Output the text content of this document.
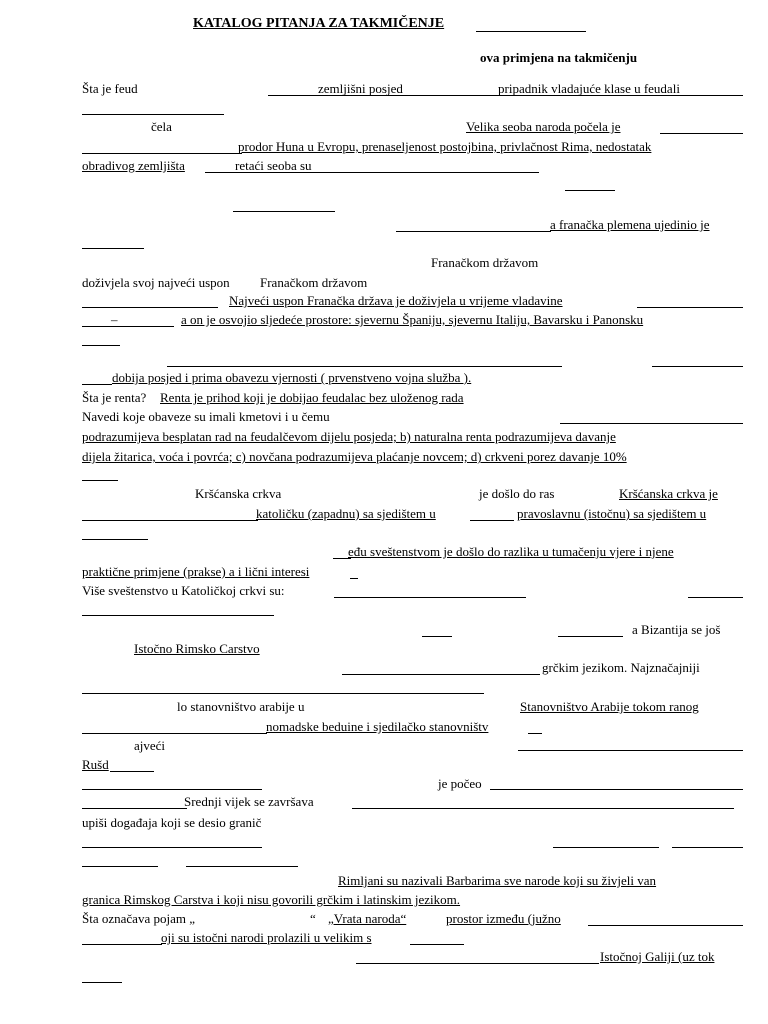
KATALOG PITANJA ZA TAKMIČENJE
ova primjena na takmičenju
Šta je feud	zemljišni posjed	pripadnik vladajuće klase u feudali
čela	Velika seoba naroda počela je
prodor Huna u Evropu, prenaseljenost postojbina, privlačnost Rima, nedostatak
obradivog zemljišta	retaći seoba su
a franačka plemena ujedinio je
Franačkom državom
doživjela svoj najveći uspon Franačkom državom
Najveći uspon Franačka država je doživjela u vrijeme vladavine
–	a on je osvojio sljedeće prostore: sjevernu Španiju, sjevernu Italiju, Bavarsku i Panonsku
dobija posjed i prima obavezu vjernosti ( prvenstveno vojna služba ).
Šta je renta? Renta je prihod koji je dobijao feudalac bez uloženog rada
Navedi koje obaveze su imali kmetovi i u čemu
podrazumijeva besplatan rad na feudalčevom dijelu posjeda; b) naturalna renta podrazumijeva davanje
dijela žitarica, voća i povrća; c) novčana podrazumijeva plaćanje novcem; d) crkveni porez davanje 10%
Kršćanska crkva	je došlo do ras	Kršćanska crkva je
katoličku (zapadnu) sa sjedištem u	pravoslavnu (istočnu) sa sjedištem u
eđu sveštenstvom je došlo do razlika u tumačenju vjere i njene
praktične primjene (prakse) a i lični interesi
Više sveštenstvo u Katoličkoj crkvi su:
a Bizantija se još
Istočno Rimsko Carstvo
grčkim jezikom. Najznačajniji
lo stanovništvo arabije u	Stanovništvo Arabije tokom ranog
nomadske beduine i sjedilačko stanovništv
ajveći
Rušd
je počeo
Srednji vijek se završava
upiši događaja koji se desio granič
Rimljani su nazivali Barbarima sve narode koji su živjeli van
granica Rimskog Carstva i koji nisu govorili grčkim i latinskim jezikom.
Šta označava pojam „	“ „Vrata naroda“	prostor između (južno
oji su istočni narodi prolazili u velikim s
Istočnoj Galiji (uz tok
